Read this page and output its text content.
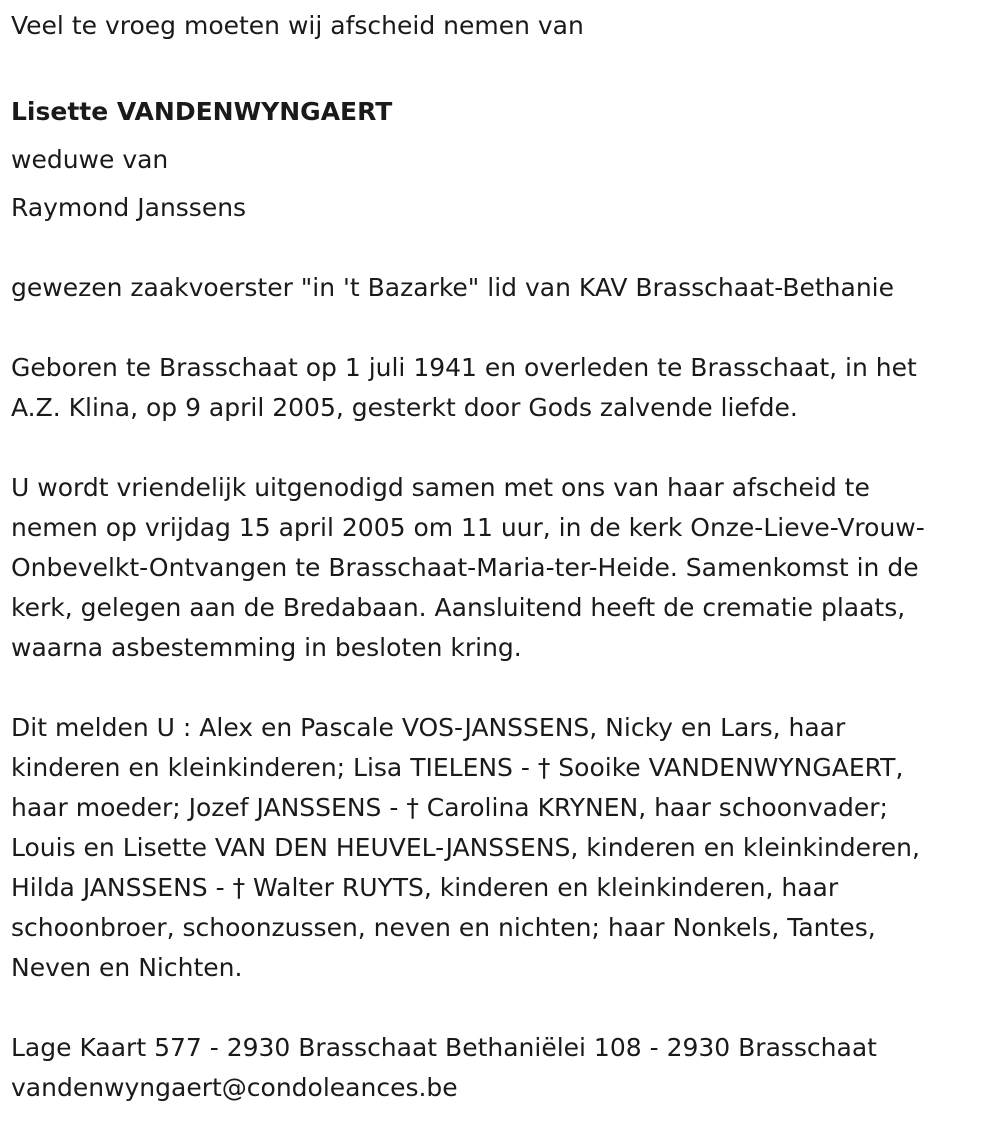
Veel te vroeg moeten wij afscheid nemen van

Lisette VANDENWYNGAERT

weduwe van

Raymond Janssens

gewezen zaakvoerster "in 't Bazarke" lid van KAV Brasschaat-Bethanie

Geboren te Brasschaat op 1 juli 1941 en overleden te Brasschaat, in het
A.Z. Klina, op 9 april 2005, gesterkt door Gods zalvende liefde.
U wordt vriendelijk uitgenodigd samen met ons van haar afscheid te
nemen op vrijdag 15 april 2005 om 11 uur, in de kerk Onze-Lieve-Vrouw-
Onbevelkt-Ontvangen te Brasschaat-Maria-ter-Heide. Samenkomst in de
kerk, gelegen aan de Bredabaan. Aansluitend heeft de crematie plaats,
waarna asbestemming in besloten kring.
Dit melden U : Alex en Pascale VOS-JANSSENS, Nicky en Lars, haar
kinderen en kleinkinderen; Lisa TIELENS - † Sooike VANDENWYNGAERT,
haar moeder; Jozef JANSSENS - † Carolina KRYNEN, haar schoonvader;
Louis en Lisette VAN DEN HEUVEL-JANSSENS, kinderen en kleinkinderen,
Hilda JANSSENS - † Walter RUYTS, kinderen en kleinkinderen, haar
schoonbroer, schoonzussen, neven en nichten; haar Nonkels, Tantes,
Neven en Nichten.
Lage Kaart 577 - 2930 Brasschaat Bethaniëlei 108 - 2930 Brasschaat
vandenwyngaert@condoleances.be
